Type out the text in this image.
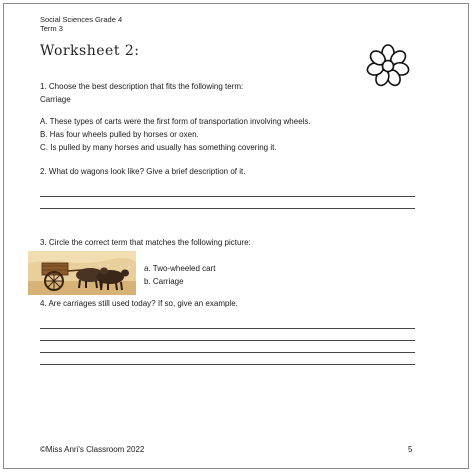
Social Sciences Grade 4
Term 3
Worksheet 2:
1. Choose the best description that fits the following term:
Carriage
A. These types of carts were the first form of transportation involving wheels.
B. Has four wheels pulled by horses or oxen.
C. Is pulled by many horses and usually has something covering it.
2. What do wagons look like? Give a brief description of it.
3. Circle the correct term that matches the following picture:
a. Two-wheeled cart
b. Carriage
4. Are carriages still used today? If so, give an example.
©Miss Anri's Classroom 2022	5
